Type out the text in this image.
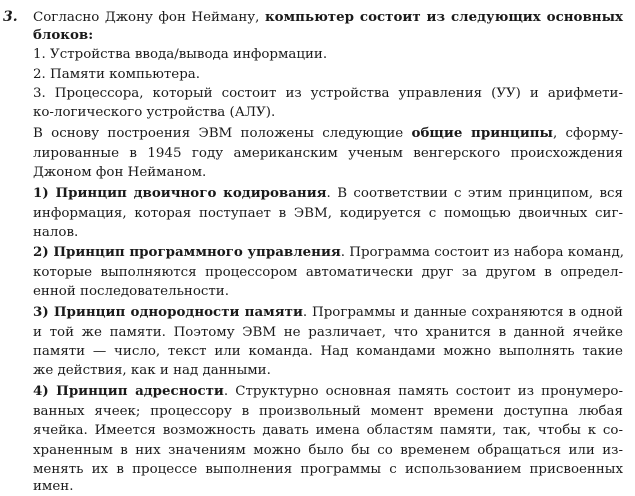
3. Согласно Джону фон Нейману, компьютер состоит из следующих основных
блоков:
1. Устройства ввода/вывода информации.
2. Памяти компьютера.
3. Процессора, который состоит из устройства управления (УУ) и арифмети-
ко-логического устройства (АЛУ).
В основу построения ЭВМ положены следующие общие принципы, сформу-
лированные в 1945 году американским ученым венгерского происхождения
Джоном фон Нейманом.
1) Принцип двоичного кодирования. В соответствии с этим принципом, вся
информация, которая поступает в ЭВМ, кодируется с помощью двоичных сиг-
налов.
2) Принцип программного управления. Программа состоит из набора команд,
которые выполняются процессором автоматически друг за другом в определ-
енной последовательности.
3) Принцип однородности памяти. Программы и данные сохраняются в одной
и той же памяти. Поэтому ЭВМ не различает, что хранится в данной ячейке
памяти — число, текст или команда. Над командами можно выполнять такие
же действия, как и над данными.
4) Принцип адресности. Структурно основная память состоит из пронумеро-
ванных ячеек; процессору в произвольный момент времени доступна любая
ячейка. Имеется возможность давать имена областям памяти, так, чтобы к со-
храненным в них значениям можно было бы со временем обращаться или из-
менять их в процессе выполнения программы с использованием присвоенных
имен.
